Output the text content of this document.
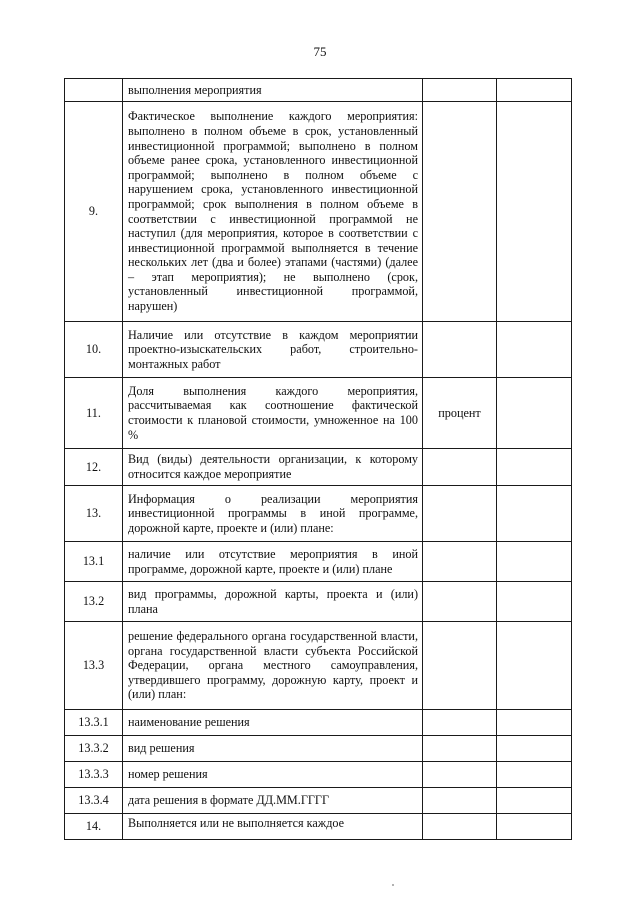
75
	выполнения мероприятия		
9.	Фактическое выполнение каждого мероприятия: выполнено в полном объеме в срок, установленный инвестиционной программой; выполнено в полном объеме ранее срока, установленного инвестиционной программой; выполнено в полном объеме с нарушением срока, установленного инвестиционной программой; срок выполнения в полном объеме в соответствии с инвестиционной программой не наступил (для мероприятия, которое в соответствии с инвестиционной программой выполняется в течение нескольких лет (два и более) этапами (частями) (далее – этап мероприятия); не выполнено (срок, установленный инвестиционной программой, нарушен)		
10.	Наличие или отсутствие в каждом мероприятии проектно-изыскательских работ, строительно-монтажных работ		
11.	Доля выполнения каждого мероприятия, рассчитываемая как соотношение фактической стоимости к плановой стоимости, умноженное на 100 %	процент	
12.	Вид (виды) деятельности организации, к которому относится каждое мероприятие		
13.	Информация о реализации мероприятия инвестиционной программы в иной программе, дорожной карте, проекте и (или) плане:		
13.1	наличие или отсутствие мероприятия в иной программе, дорожной карте, проекте и (или) плане		
13.2	вид программы, дорожной карты, проекта и (или) плана		
13.3	решение федерального органа государственной власти, органа государственной власти субъекта Российской Федерации, органа местного самоуправления, утвердившего программу, дорожную карту, проект и (или) план:		
13.3.1	наименование решения		
13.3.2	вид решения		
13.3.3	номер решения		
13.3.4	дата решения в формате ДД.ММ.ГГГГ		
14.	Выполняется или не выполняется каждое		
